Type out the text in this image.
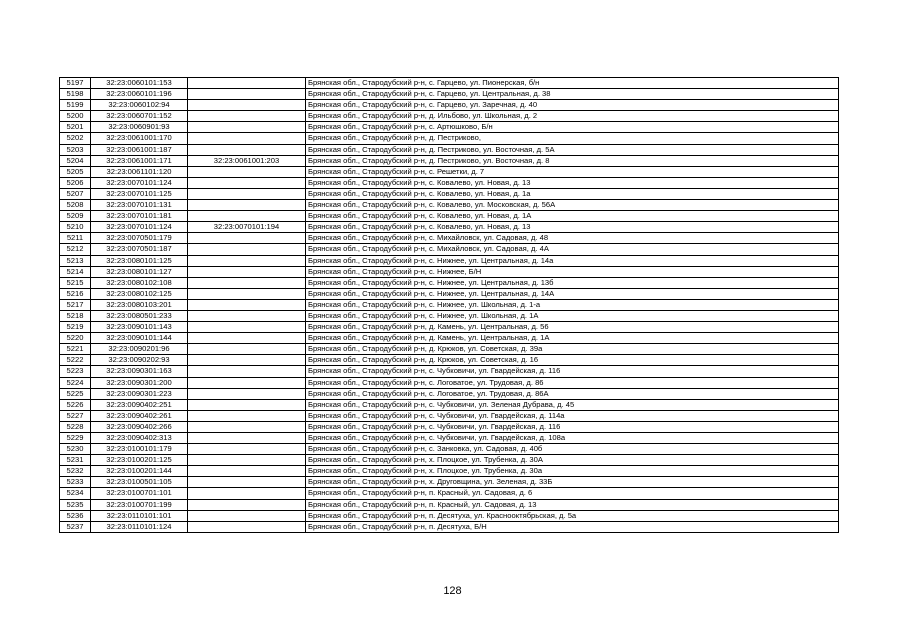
5197	32:23:0060101:153		Брянская обл., Стародубский р-н, с. Гарцево, ул. Пионерская, б/н
5198	32:23:0060101:196		Брянская обл., Стародубский р-н, с. Гарцево, ул. Центральная, д. 38
5199	32:23:0060102:94		Брянская обл., Стародубский р-н, с. Гарцево, ул. Заречная, д. 40
5200	32:23:0060701:152		Брянская обл., Стародубский р-н, д. Ильбово, ул. Школьная, д. 2
5201	32:23:0060901:93		Брянская обл., Стародубский р-н, с. Артюшково, Б/н
5202	32:23:0061001:170		Брянская обл., Стародубский р-н, д. Пестриково,
5203	32:23:0061001:187		Брянская обл., Стародубский р-н, д. Пестриково, ул. Восточная, д. 5А
5204	32:23:0061001:171	32:23:0061001:203	Брянская обл., Стародубский р-н, д. Пестриково, ул. Восточная, д. 8
5205	32:23:0061101:120		Брянская обл., Стародубский р-н, с. Решетки, д. 7
5206	32:23:0070101:124		Брянская обл., Стародубский р-н, с. Ковалево, ул. Новая, д. 13
5207	32:23:0070101:125		Брянская обл., Стародубский р-н, с. Ковалево, ул. Новая, д. 1а
5208	32:23:0070101:131		Брянская обл., Стародубский р-н, с. Ковалево, ул. Московская, д. 56А
5209	32:23:0070101:181		Брянская обл., Стародубский р-н, с. Ковалево, ул. Новая, д. 1А
5210	32:23:0070101:124	32:23:0070101:194	Брянская обл., Стародубский р-н, с. Ковалево, ул. Новая, д. 13
5211	32:23:0070501:179		Брянская обл., Стародубский р-н, с. Михайловск, ул. Садовая, д. 48
5212	32:23:0070501:187		Брянская обл., Стародубский р-н, с. Михайловск, ул. Садовая, д. 4А
5213	32:23:0080101:125		Брянская обл., Стародубский р-н, с. Нижнее, ул. Центральная, д. 14а
5214	32:23:0080101:127		Брянская обл., Стародубский р-н, с. Нижнее, Б/Н
5215	32:23:0080102:108		Брянская обл., Стародубский р-н, с. Нижнее, ул. Центральная, д. 13б
5216	32:23:0080102:125		Брянская обл., Стародубский р-н, с. Нижнее, ул. Центральная, д. 14А
5217	32:23:0080103:201		Брянская обл., Стародубский р-н, с. Нижнее, ул. Школьная, д. 1-а
5218	32:23:0080501:233		Брянская обл., Стародубский р-н, с. Нижнее, ул. Школьная, д. 1А
5219	32:23:0090101:143		Брянская обл., Стародубский р-н, д. Камень, ул. Центральная, д. 56
5220	32:23:0090101:144		Брянская обл., Стародубский р-н, д. Камень, ул. Центральная, д. 1А
5221	32:23:0090201:96		Брянская обл., Стародубский р-н, д. Крюков, ул. Советская, д. 39а
5222	32:23:0090202:93		Брянская обл., Стародубский р-н, д. Крюков, ул. Советская, д. 16
5223	32:23:0090301:163		Брянская обл., Стародубский р-н, с. Чубковичи, ул. Гвардейская, д. 116
5224	32:23:0090301:200		Брянская обл., Стародубский р-н, с. Логоватое, ул. Трудовая, д. 86
5225	32:23:0090301:223		Брянская обл., Стародубский р-н, с. Логоватое, ул. Трудовая, д. 86А
5226	32:23:0090402:251		Брянская обл., Стародубский р-н, с. Чубковичи, ул. Зеленая Дубрава, д. 45
5227	32:23:0090402:261		Брянская обл., Стародубский р-н, с. Чубковичи, ул. Гвардейская, д. 114а
5228	32:23:0090402:266		Брянская обл., Стародубский р-н, с. Чубковичи, ул. Гвардейская, д. 116
5229	32:23:0090402:313		Брянская обл., Стародубский р-н, с. Чубковичи, ул. Гвардейская, д. 108а
5230	32:23:0100101:179		Брянская обл., Стародубский р-н, с. Занковка, ул. Садовая, д. 40б
5231	32:23:0100201:125		Брянская обл., Стародубский р-н, х. Плоцкое, ул. Трубенка, д. 30А
5232	32:23:0100201:144		Брянская обл., Стародубский р-н, х. Плоцкое, ул. Трубенка, д. 30а
5233	32:23:0100501:105		Брянская обл., Стародубский р-н, х. Друговщина, ул. Зеленая, д. 33Б
5234	32:23:0100701:101		Брянская обл., Стародубский р-н, п. Красный, ул. Садовая, д. 6
5235	32:23:0100701:199		Брянская обл., Стародубский р-н, п. Красный, ул. Садовая, д. 13
5236	32:23:0110101:101		Брянская обл., Стародубский р-н, п. Десятуха, ул. Краснооктябрьская, д. 5а
5237	32:23:0110101:124		Брянская обл., Стародубский р-н, п. Десятуха, Б/Н
128
